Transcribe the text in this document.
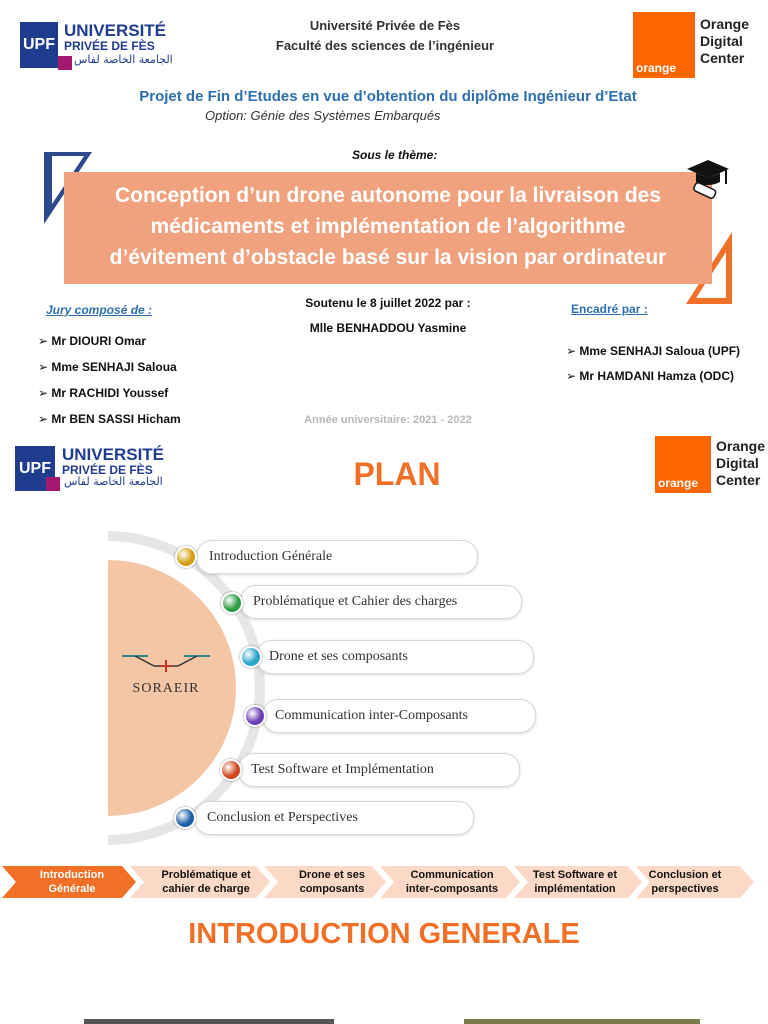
UPF
UNIVERSITÉ
PRIVÉE DE FÈS
الجامعة الخاصة لفاس
Université Privée de Fès
Faculté des sciences de l’ingénieur
orange
Orange
Digital
Center
Projet de Fin d’Etudes en vue d’obtention du diplôme Ingénieur d’Etat
Option: Génie des Systèmes Embarqués
Sous le thème:
Conception d’un drone autonome pour la livraison des
médicaments et implémentation de l’algorithme
d’évitement d’obstacle basé sur la vision par ordinateur
Jury composé de :
➢ Mr DIOURI Omar
➢ Mme SENHAJI Saloua
➢ Mr RACHIDI Youssef
➢ Mr BEN SASSI Hicham
Soutenu le 8 juillet 2022 par :
Mlle BENHADDOU Yasmine
Année universitaire: 2021 - 2022
Encadré par :
➢ Mme SENHAJI Saloua (UPF)
➢ Mr HAMDANI Hamza (ODC)
UPF
UNIVERSITÉ
PRIVÉE DE FÈS
الجامعة الخاصة لفاس	PLAN	orange
Orange
Digital
Center
SORAEIR
Introduction Générale
Problématique et Cahier des charges
Drone et ses composants
Communication inter-Composants
Test Software et Implémentation
Conclusion et Perspectives
Introduction
Générale
Problématique et
cahier de charge
Drone et ses
composants
Communication
inter-composants
Test Software et
implémentation
Conclusion et
perspectives
INTRODUCTION GENERALE
